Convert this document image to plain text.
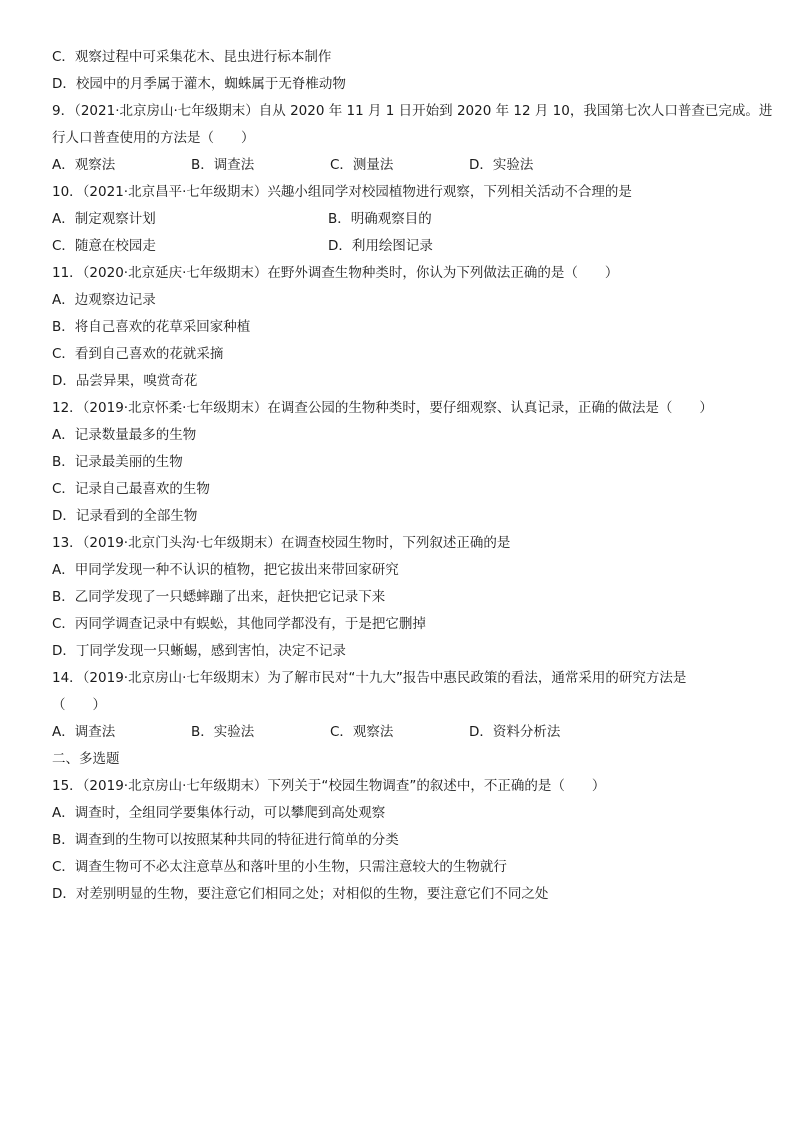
C．观察过程中可采集花木、昆虫进行标本制作
D．校园中的月季属于灌木，蜘蛛属于无脊椎动物
9．（2021·北京房山·七年级期末）自从 2020 年 11 月 1 日开始到 2020 年 12 月 10，我国第七次人口普查已完成。进
行人口普查使用的方法是（　　）
A．观察法	B．调查法	C．测量法	D．实验法
10．（2021·北京昌平·七年级期末）兴趣小组同学对校园植物进行观察，下列相关活动不合理的是
A．制定观察计划	B．明确观察目的
C．随意在校园走	D．利用绘图记录
11．（2020·北京延庆·七年级期末）在野外调查生物种类时，你认为下列做法正确的是（　　）
A．边观察边记录
B．将自己喜欢的花草采回家种植
C．看到自己喜欢的花就采摘
D．品尝异果，嗅赏奇花
12．（2019·北京怀柔·七年级期末）在调查公园的生物种类时，要仔细观察、认真记录，正确的做法是（　　）
A．记录数量最多的生物
B．记录最美丽的生物
C．记录自己最喜欢的生物
D．记录看到的全部生物
13．（2019·北京门头沟·七年级期末）在调查校园生物时，下列叙述正确的是
A．甲同学发现一种不认识的植物，把它拔出来带回家研究
B．乙同学发现了一只蟋蟀蹦了出来，赶快把它记录下来
C．丙同学调查记录中有蜈蚣，其他同学都没有，于是把它删掉
D．丁同学发现一只蜥蜴，感到害怕，决定不记录
14．（2019·北京房山·七年级期末）为了解市民对“十九大”报告中惠民政策的看法，通常采用的研究方法是
（　　）
A．调查法	B．实验法	C．观察法	D．资料分析法
二、多选题
15．（2019·北京房山·七年级期末）下列关于“校园生物调查”的叙述中，不正确的是（　　）
A．调查时，全组同学要集体行动，可以攀爬到高处观察
B．调查到的生物可以按照某种共同的特征进行简单的分类
C．调查生物可不必太注意草丛和落叶里的小生物，只需注意较大的生物就行
D．对差别明显的生物，要注意它们相同之处；对相似的生物，要注意它们不同之处
